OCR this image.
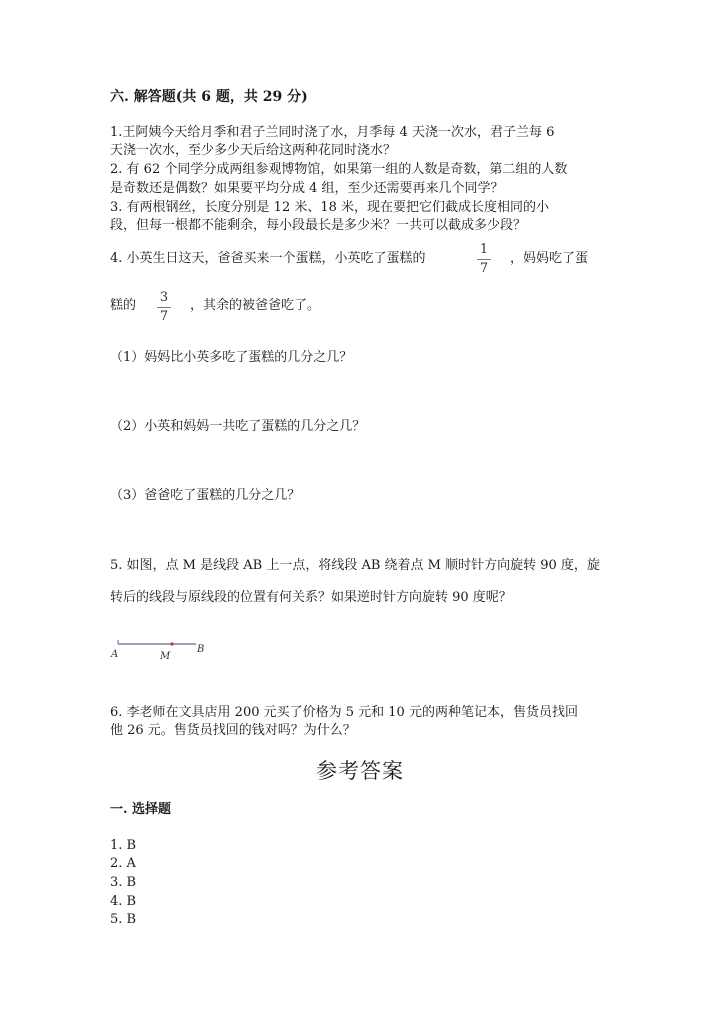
六. 解答题(共 6 题，共 29 分)
1.王阿姨今天给月季和君子兰同时浇了水，月季每 4 天浇一次水，君子兰每 6
天浇一次水，至少多少天后给这两种花同时浇水？
2. 有 62 个同学分成两组参观博物馆，如果第一组的人数是奇数，第二组的人数
是奇数还是偶数？如果要平均分成 4 组，至少还需要再来几个同学？
3. 有两根钢丝，长度分别是 12 米、18 米，现在要把它们截成长度相同的小
段，但每一根都不能剩余，每小段最长是多少米？一共可以截成多少段？
4. 小英生日这天，爸爸买来一个蛋糕，小英吃了蛋糕的
1
7
，妈妈吃了蛋
糕的
3
7
，其余的被爸爸吃了。
（1）妈妈比小英多吃了蛋糕的几分之几？
（2）小英和妈妈一共吃了蛋糕的几分之几？
（3）爸爸吃了蛋糕的几分之几？
5. 如图，点 M 是线段 AB 上一点，将线段 AB 绕着点 M 顺时针方向旋转 90 度，旋
转后的线段与原线段的位置有何关系？如果逆时针方向旋转 90 度呢？
A	M
B
6. 李老师在文具店用 200 元买了价格为 5 元和 10 元的两种笔记本，售货员找回
他 26 元。售货员找回的钱对吗？为什么？
参考答案
一. 选择题
1. B
2. A
3. B
4. B
5. B
